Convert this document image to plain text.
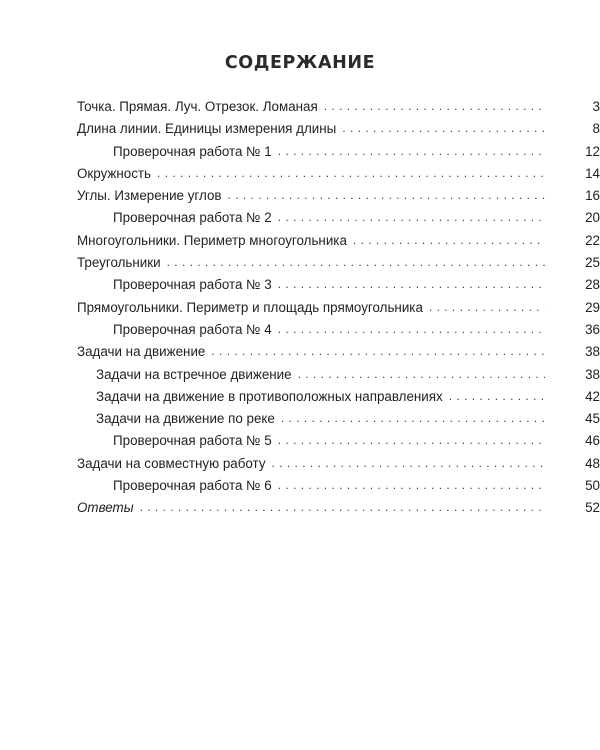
СОДЕРЖАНИЕ
Точка. Прямая. Луч. Отрезок. Ломаная . . .	3
Длина линии. Единицы измерения длины . . .	8
Проверочная работа № 1 . . .	12
Окружность . . .	14
Углы. Измерение углов . . .	16
Проверочная работа № 2 . . .	20
Многоугольники. Периметр многоугольника . . .	22
Треугольники . . .	25
Проверочная работа № 3 . . .	28
Прямоугольники. Периметр и площадь прямоугольника . . .	29
Проверочная работа № 4 . . .	36
Задачи на движение . . .	38
Задачи на встречное движение . . .	38
Задачи на движение в противоположных направлениях . . .	42
Задачи на движение по реке . . .	45
Проверочная работа № 5 . . .	46
Задачи на совместную работу . . .	48
Проверочная работа № 6 . . .	50
Ответы . . .	52
